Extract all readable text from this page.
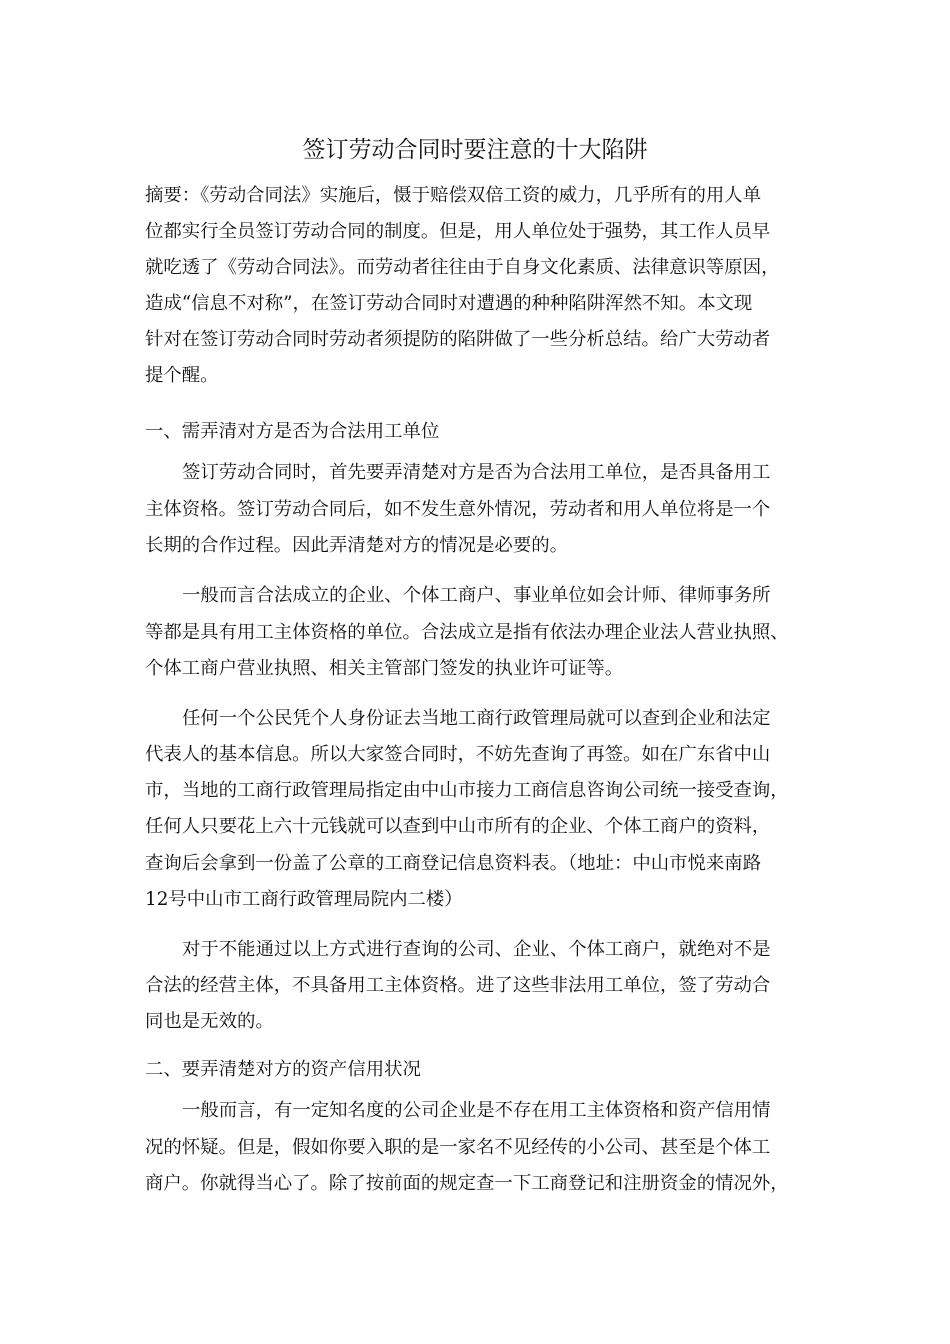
签订劳动合同时要注意的十大陷阱
摘要：《劳动合同法》实施后，慑于赔偿双倍工资的威力，几乎所有的用人单
位都实行全员签订劳动合同的制度。但是，用人单位处于强势，其工作人员早
就吃透了《劳动合同法》。而劳动者往往由于自身文化素质、法律意识等原因，
造成“信息不对称”，在签订劳动合同时对遭遇的种种陷阱浑然不知。本文现
针对在签订劳动合同时劳动者须提防的陷阱做了一些分析总结。给广大劳动者
提个醒。
一、需弄清对方是否为合法用工单位
签订劳动合同时，首先要弄清楚对方是否为合法用工单位，是否具备用工
主体资格。签订劳动合同后，如不发生意外情况，劳动者和用人单位将是一个
长期的合作过程。因此弄清楚对方的情况是必要的。
一般而言合法成立的企业、个体工商户、事业单位如会计师、律师事务所
等都是具有用工主体资格的单位。合法成立是指有依法办理企业法人营业执照、
个体工商户营业执照、相关主管部门签发的执业许可证等。
任何一个公民凭个人身份证去当地工商行政管理局就可以查到企业和法定
代表人的基本信息。所以大家签合同时，不妨先查询了再签。如在广东省中山
市，当地的工商行政管理局指定由中山市接力工商信息咨询公司统一接受查询，
任何人只要花上六十元钱就可以查到中山市所有的企业、个体工商户的资料，
查询后会拿到一份盖了公章的工商登记信息资料表。（地址：中山市悦来南路
12号中山市工商行政管理局院内二楼）
对于不能通过以上方式进行查询的公司、企业、个体工商户，就绝对不是
合法的经营主体，不具备用工主体资格。进了这些非法用工单位，签了劳动合
同也是无效的。
二、要弄清楚对方的资产信用状况
一般而言，有一定知名度的公司企业是不存在用工主体资格和资产信用情
况的怀疑。但是，假如你要入职的是一家名不见经传的小公司、甚至是个体工
商户。你就得当心了。除了按前面的规定查一下工商登记和注册资金的情况外，
